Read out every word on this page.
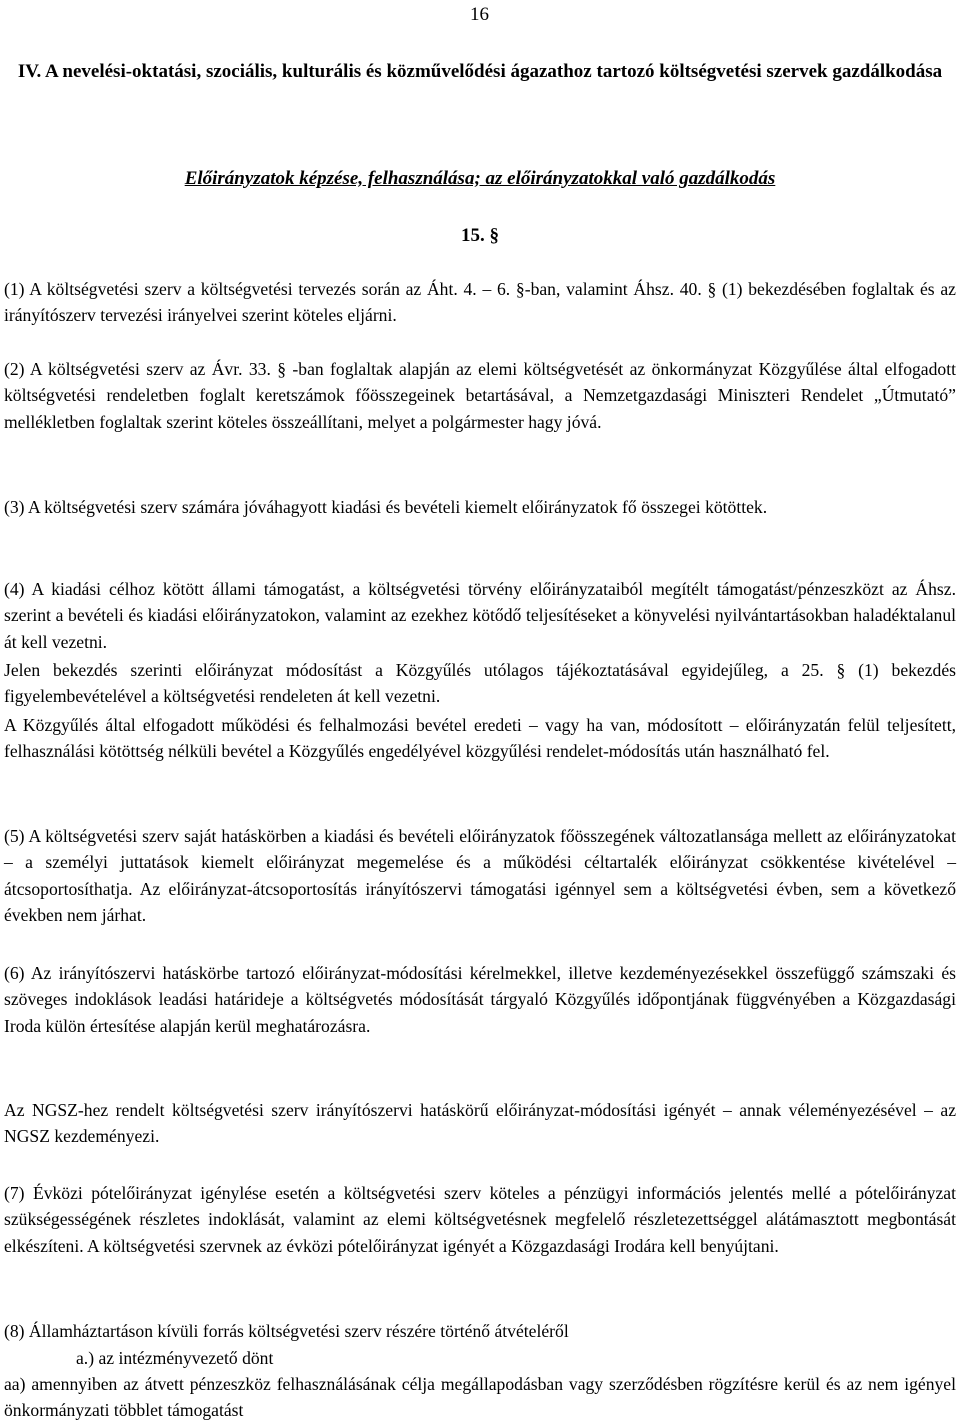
16
IV. A nevelési-oktatási, szociális, kulturális és közművelődési ágazathoz tartozó költségvetési szervek gazdálkodása
Előirányzatok képzése, felhasználása; az előirányzatokkal való gazdálkodás
15. §
(1) A költségvetési szerv a költségvetési tervezés során az Áht. 4. – 6. §-ban, valamint Áhsz. 40. § (1) bekezdésében foglaltak és az irányítószerv tervezési irányelvei szerint köteles eljárni.
(2) A költségvetési szerv az Ávr. 33. § -ban foglaltak alapján az elemi költségvetését az önkormányzat Közgyűlése által elfogadott költségvetési rendeletben foglalt keretszámok főösszegeinek betartásával, a Nemzetgazdasági Miniszteri Rendelet „Útmutató” mellékletben foglaltak szerint köteles összeállítani, melyet a polgármester hagy jóvá.
(3) A költségvetési szerv számára jóváhagyott kiadási és bevételi kiemelt előirányzatok fő összegei kötöttek.
(4) A kiadási célhoz kötött állami támogatást, a költségvetési törvény előirányzataiból megítélt támogatást/pénzeszközt az Áhsz. szerint a bevételi és kiadási előirányzatokon, valamint az ezekhez kötődő teljesítéseket a könyvelési nyilvántartásokban haladéktalanul át kell vezetni.
Jelen bekezdés szerinti előirányzat módosítást a Közgyűlés utólagos tájékoztatásával egyidejűleg, a 25. § (1) bekezdés figyelembevételével a költségvetési rendeleten át kell vezetni.
A Közgyűlés által elfogadott működési és felhalmozási bevétel eredeti – vagy ha van, módosított – előirányzatán felül teljesített, felhasználási kötöttség nélküli bevétel a Közgyűlés engedélyével közgyűlési rendelet-módosítás után használható fel.
(5) A költségvetési szerv saját hatáskörben a kiadási és bevételi előirányzatok főösszegének változatlansága mellett az előirányzatokat – a személyi juttatások kiemelt előirányzat megemelése és a működési céltartalék előirányzat csökkentése kivételével – átcsoportosíthatja. Az előirányzat-átcsoportosítás irányítószervi támogatási igénnyel sem a költségvetési évben, sem a következő években nem járhat.
(6) Az irányítószervi hatáskörbe tartozó előirányzat-módosítási kérelmekkel, illetve kezdeményezésekkel összefüggő számszaki és szöveges indoklások leadási határideje a költségvetés módosítását tárgyaló Közgyűlés időpontjának függvényében a Közgazdasági Iroda külön értesítése alapján kerül meghatározásra.
Az NGSZ-hez rendelt költségvetési szerv irányítószervi hatáskörű előirányzat-módosítási igényét – annak véleményezésével – az NGSZ kezdeményezi.
(7) Évközi pótelőirányzat igénylése esetén a költségvetési szerv köteles a pénzügyi információs jelentés mellé a pótelőirányzat szükségességének részletes indoklását, valamint az elemi költségvetésnek megfelelő részletezettséggel alátámasztott megbontását elkészíteni. A költségvetési szervnek az évközi pótelőirányzat igényét a Közgazdasági Irodára kell benyújtani.
(8) Államháztartáson kívüli forrás költségvetési szerv részére történő átvételéről
a.) az intézményvezető dönt
aa) amennyiben az átvett pénzeszköz felhasználásának célja megállapodásban vagy szerződésben rögzítésre kerül és az nem igényel önkormányzati többlet támogatást
